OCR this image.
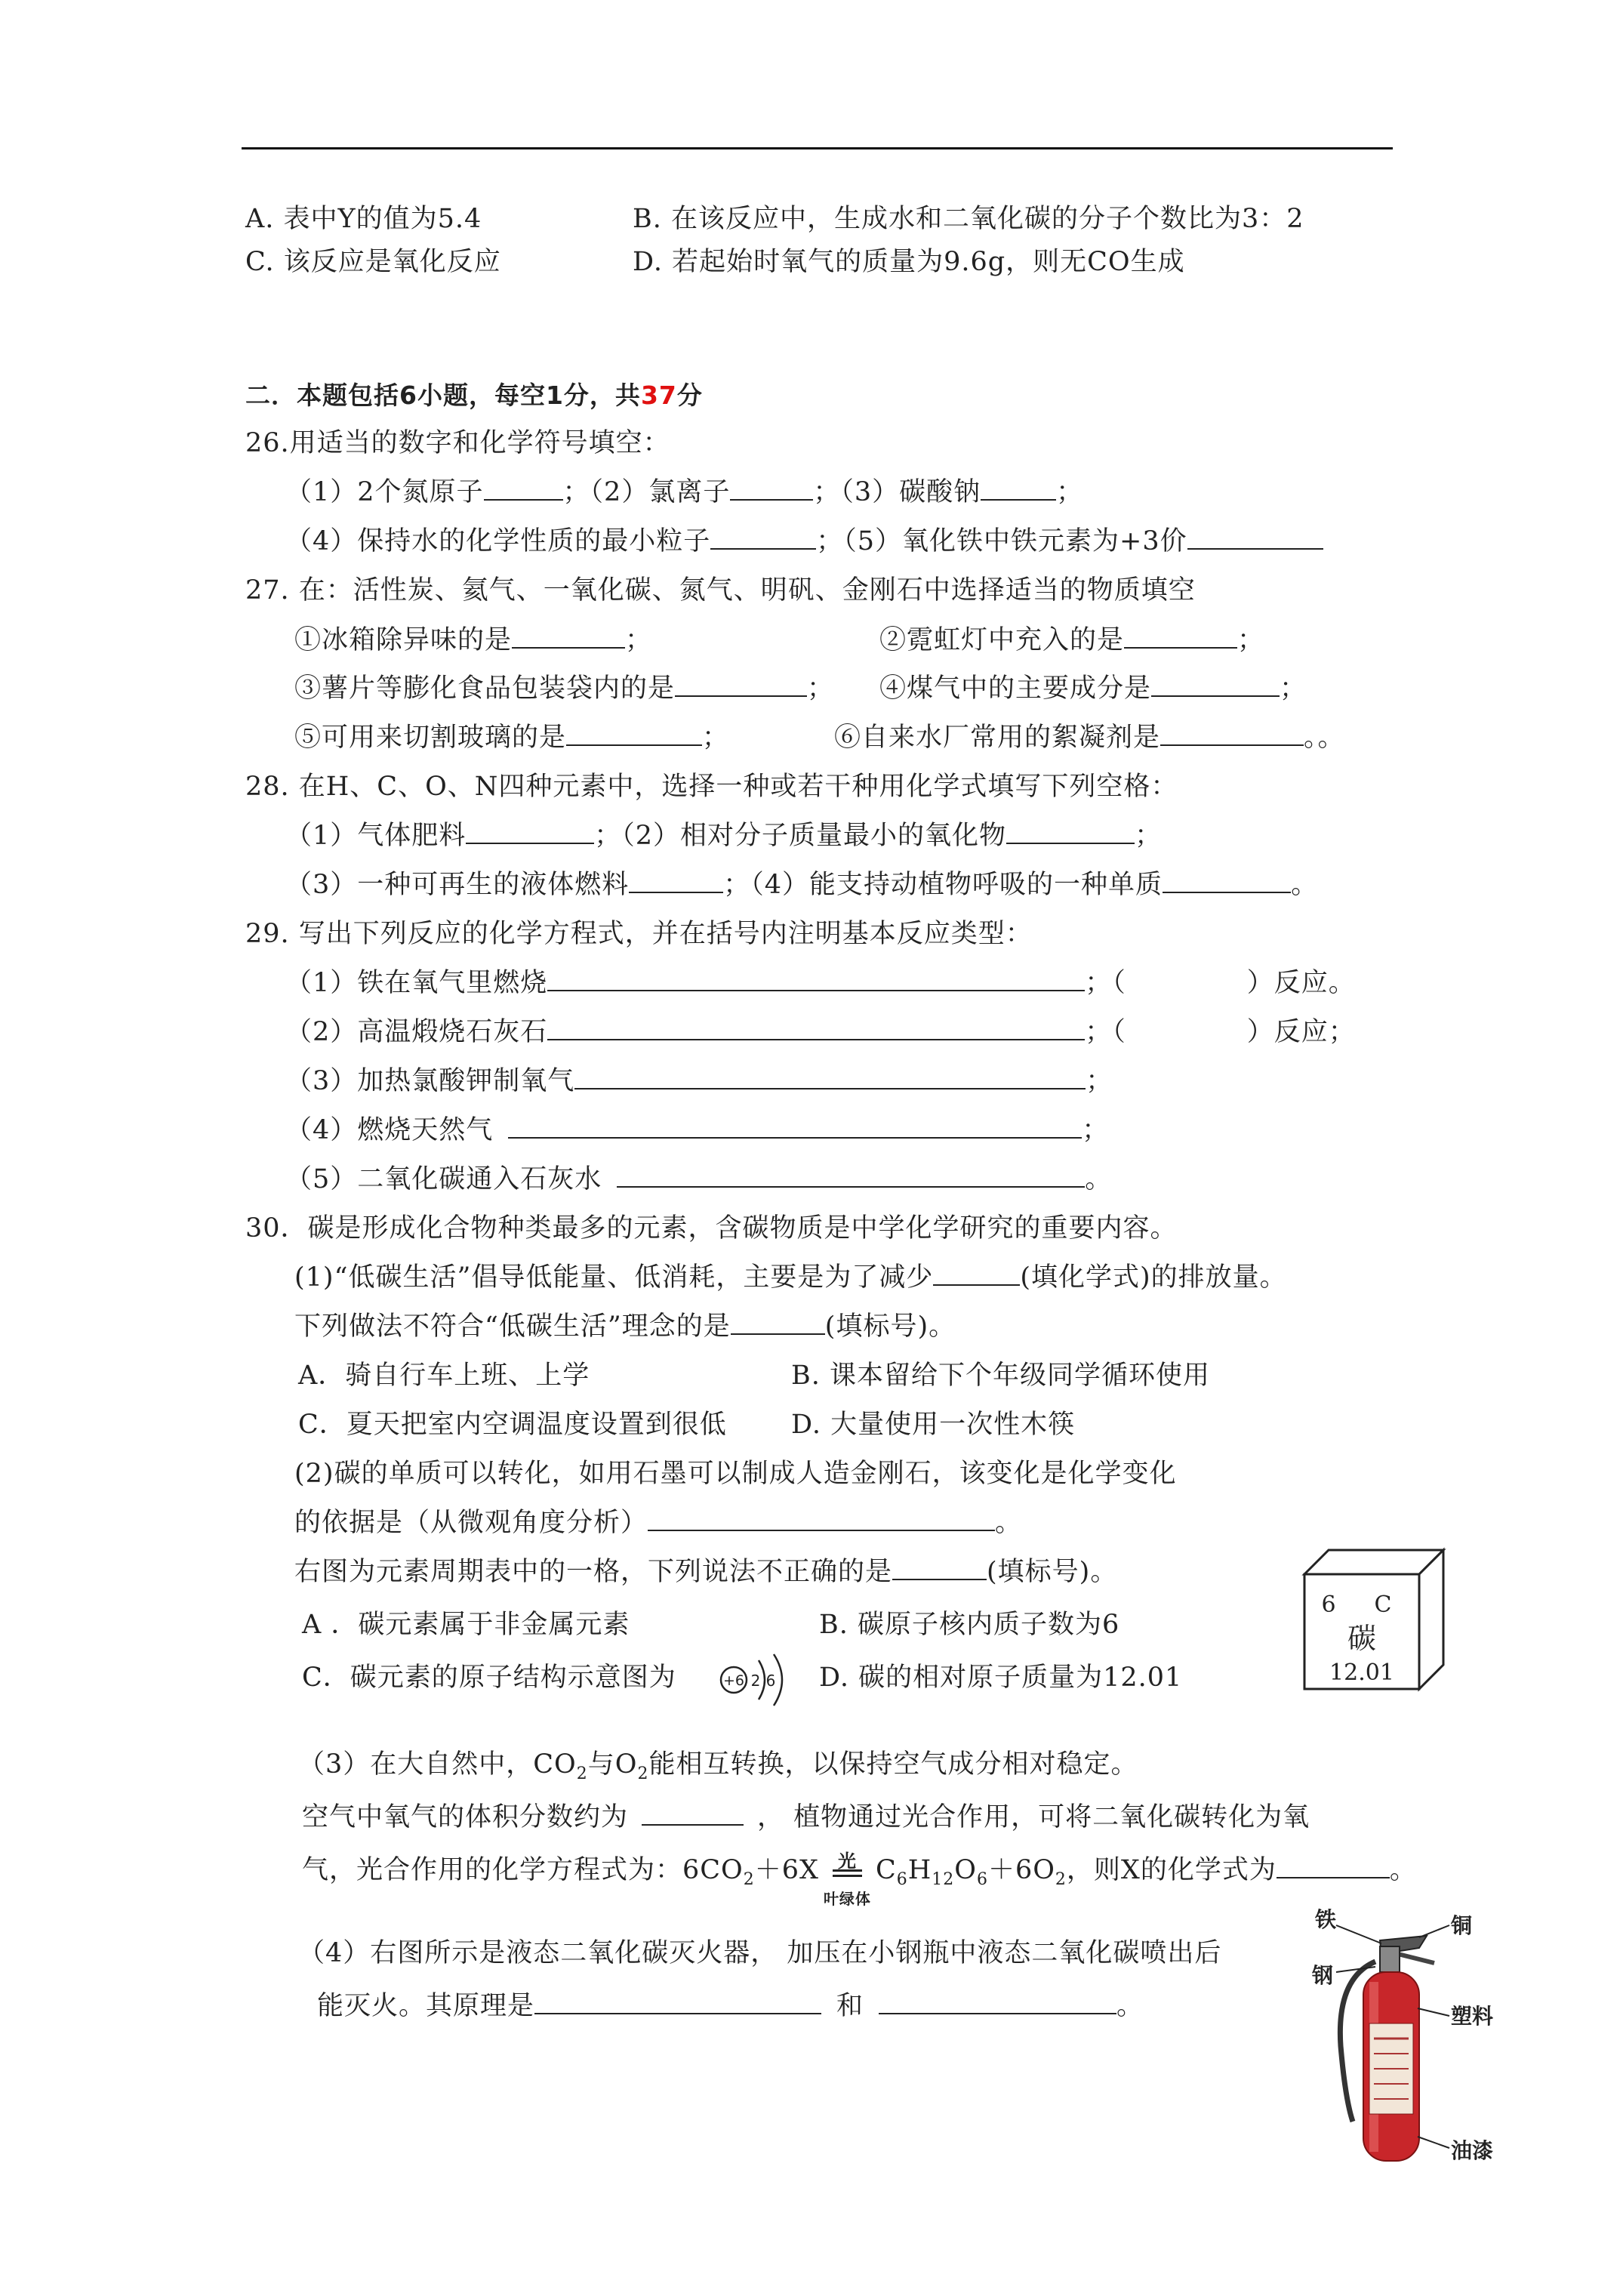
A. 表中Y的值为5.4	B. 在该反应中，生成水和二氧化碳的分子个数比为3：2
C. 该反应是氧化反应	D. 若起始时氧气的质量为9.6g，则无CO生成
二．本题包括6小题，每空1分，共37分
26.用适当的数字和化学符号填空：
（1）2个氮原子	；（2）氯离子	；（3）碳酸钠	；
（4）保持水的化学性质的最小粒子	；（5）氧化铁中铁元素为+3价
27. 在：活性炭、氦气、一氧化碳、氮气、明矾、金刚石中选择适当的物质填空
①冰箱除异味的是	；	②霓虹灯中充入的是	；
③薯片等膨化食品包装袋内的是	； ④煤气中的主要成分是	；
⑤可用来切割玻璃的是	；	⑥自来水厂常用的絮凝剂是	。。
28. 在H、C、O、N四种元素中，选择一种或若干种用化学式填写下列空格：
（1）气体肥料	；（2）相对分子质量最小的氧化物	；
（3）一种可再生的液体燃料	；（4）能支持动植物呼吸的一种单质	。
29. 写出下列反应的化学方程式，并在括号内注明基本反应类型：
（1）铁在氧气里燃烧	；（	）反应。
（2）高温煅烧石灰石	；（	）反应；
（3）加热氯酸钾制氧气	；
（4）燃烧天然气	；
（5）二氧化碳通入石灰水	。
30．碳是形成化合物种类最多的元素，含碳物质是中学化学研究的重要内容。
(1)“低碳生活”倡导低能量、低消耗，主要是为了减少	(填化学式)的排放量。
下列做法不符合“低碳生活”理念的是	(填标号)。
A．骑自行车上班、上学	B. 课本留给下个年级同学循环使用
C．夏天把室内空调温度设置到很低 D. 大量使用一次性木筷
(2)碳的单质可以转化，如用石墨可以制成人造金刚石，该变化是化学变化
的依据是（从微观角度分析）	。
右图为元素周期表中的一格，下列说法不正确的是	(填标号)。
A ．碳元素属于非金属元素	B. 碳原子核内质子数为6
C．碳元素的原子结构示意图为	D. 碳的相对原子质量为12.01
+6 2 6
6 C
碳
12.01
（3）在大自然中，$CO_2$与$O_2$能相互转换，以保持空气成分相对稳定。
空气中氧气的体积分数约为	， 植物通过光合作用，可将二氧化碳转化为氧
气，光合作用的化学方程式为：$6CO_2+6X$	光
叶绿体
$C_6H_{12}O_6+6O_2$，则X的化学式为	。
（4）右图所示是液态二氧化碳灭火器， 加压在小钢瓶中液态二氧化碳喷出后
能灭火。其原理是	和	。
铁	铜
钢
塑料
油漆
